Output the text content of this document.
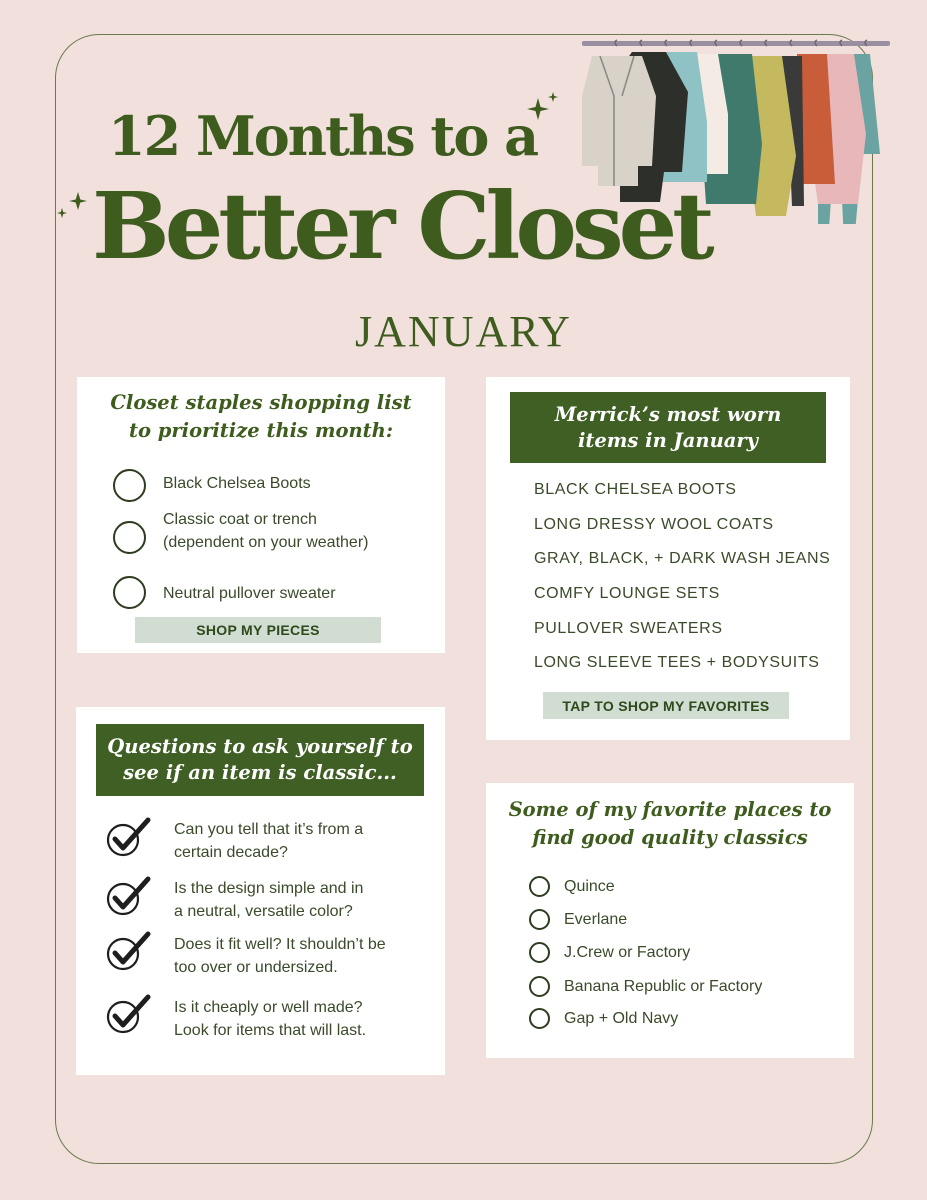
12 Months to a
Better Closet
JANUARY
Closet staples shopping list
to prioritize this month:
Black Chelsea Boots
Classic coat or trench
(dependent on your weather)
Neutral pullover sweater
SHOP MY PIECES
Merrick’s most worn
items in January
BLACK CHELSEA BOOTS
LONG DRESSY WOOL COATS
GRAY, BLACK, + DARK WASH JEANS
COMFY LOUNGE SETS
PULLOVER SWEATERS
LONG SLEEVE TEES + BODYSUITS
TAP TO SHOP MY FAVORITES
Questions to ask yourself to
see if an item is classic...
Can you tell that it’s from a
certain decade?
Is the design simple and in
a neutral, versatile color?
Does it fit well? It shouldn’t be
too over or undersized.
Is it cheaply or well made?
Look for items that will last.
Some of my favorite places to
find good quality classics
Quince
Everlane
J.Crew or Factory
Banana Republic or Factory
Gap + Old Navy
